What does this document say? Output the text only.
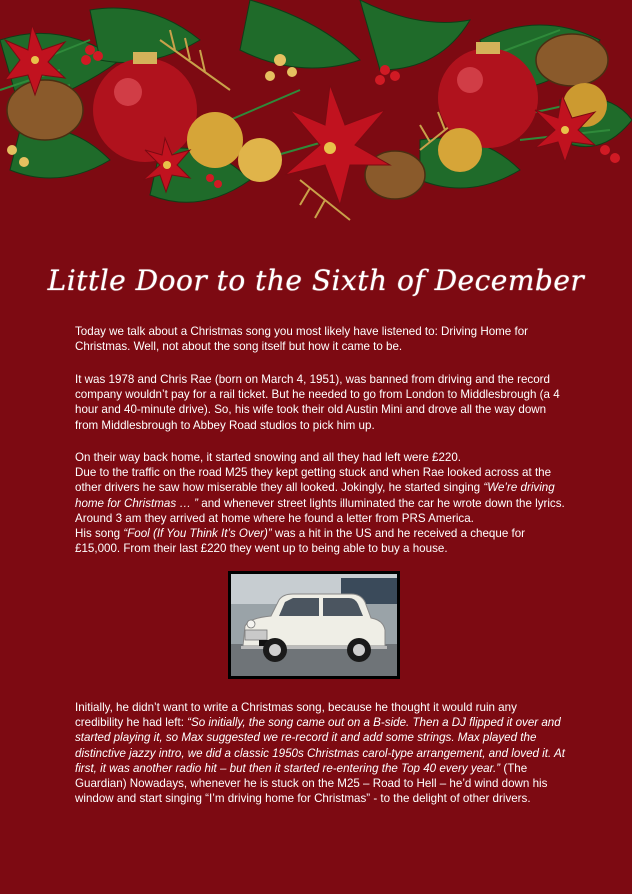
Little Door to the Sixth of December

Today we talk about a Christmas song you most likely have listened to: Driving Home for Christmas. Well, not about the song itself but how it came to be.

It was 1978 and Chris Rae (born on March 4, 1951), was banned from driving and the record company wouldn’t pay for a rail ticket. But he needed to go from London to Middlesbrough (a 4 hour and 40-minute drive). So, his wife took their old Austin Mini and drove all the way down from Middlesbrough to Abbey Road studios to pick him up.

On their way back home, it started snowing and all they had left were £220.

Due to the traffic on the road M25 they kept getting stuck and when Rae looked across at the other drivers he saw how miserable they all looked. Jokingly, he started singing “We’re driving home for Christmas … ” and whenever street lights illuminated the car he wrote down the lyrics. Around 3 am they arrived at home where he found a letter from PRS America.

His song “Fool (If You Think It’s Over)” was a hit in the US and he received a cheque for £15,000. From their last £220 they went up to being able to buy a house.

Initially, he didn’t want to write a Christmas song, because he thought it would ruin any credibility he had left: “So initially, the song came out on a B-side. Then a DJ flipped it over and started playing it, so Max suggested we re-record it and add some strings. Max played the distinctive jazzy intro, we did a classic 1950s Christmas carol-type arrangement, and loved it. At first, it was another radio hit – but then it started re-entering the Top 40 every year.” (The Guardian) Nowadays, whenever he is stuck on the M25 – Road to Hell – he’d wind down his window and start singing “I’m driving home for Christmas” - to the delight of other drivers.
